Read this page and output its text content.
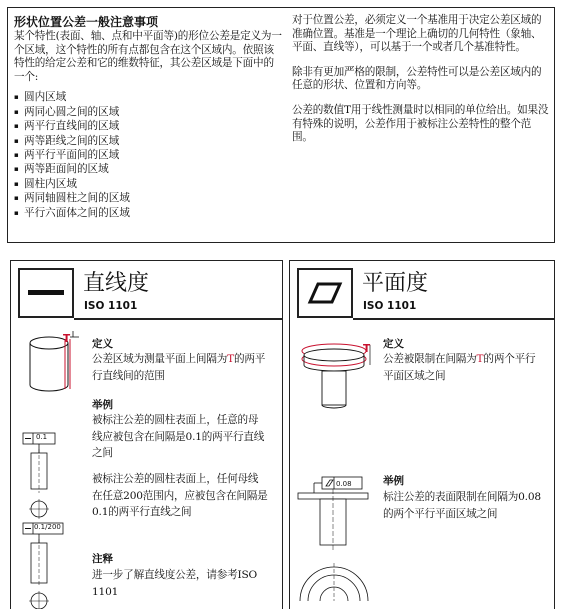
形状位置公差一般注意事项

某个特性(表面、轴、点和中平面等)的形位公差是定义为一个区域，这个特性的所有点都包含在这个区域内。依照该特性的给定公差和它的维数特征，其公差区域是下面中的一个:

▪ 圆内区域
▪ 两同心圆之间的区域
▪ 两平行直线间的区域
▪ 两等距线之间的区域
▪ 两平行平面间的区域
▪ 两等距面间的区域
▪ 圆柱内区域
▪ 两同轴圆柱之间的区域
▪ 平行六面体之间的区域

对于位置公差，必须定义一个基准用于决定公差区域的准确位置。基准是一个理论上确切的几何特性（象轴、平面、直线等），可以基于一个或者几个基准特性。

除非有更加严格的限制，公差特性可以是公差区域内的任意的形状、位置和方向等。

公差的数值T用于线性测量时以相同的单位给出。如果没有特殊的说明，公差作用于被标注公差特性的整个范围。

直线度
ISO 1101
T 定义
公差区域为测量平面上间隔为T的两平行直线间的范围
举例
被标注公差的圆柱表面上，任意的母线应被包含在间隔是0.1的两平行直线之间
被标注公差的圆柱表面上，任何母线在任意200范围内，应被包含在间隔是0.1的两平行直线之间
注释
进一步了解直线度公差，请参考ISO 1101
0.1
0.1/200
平面度
ISO 1101
T 定义
公差被限制在间隔为T的两个平行平面区域之间
举例
标注公差的表面限制在间隔为0.08的两个平行平面区域之间
0.08
